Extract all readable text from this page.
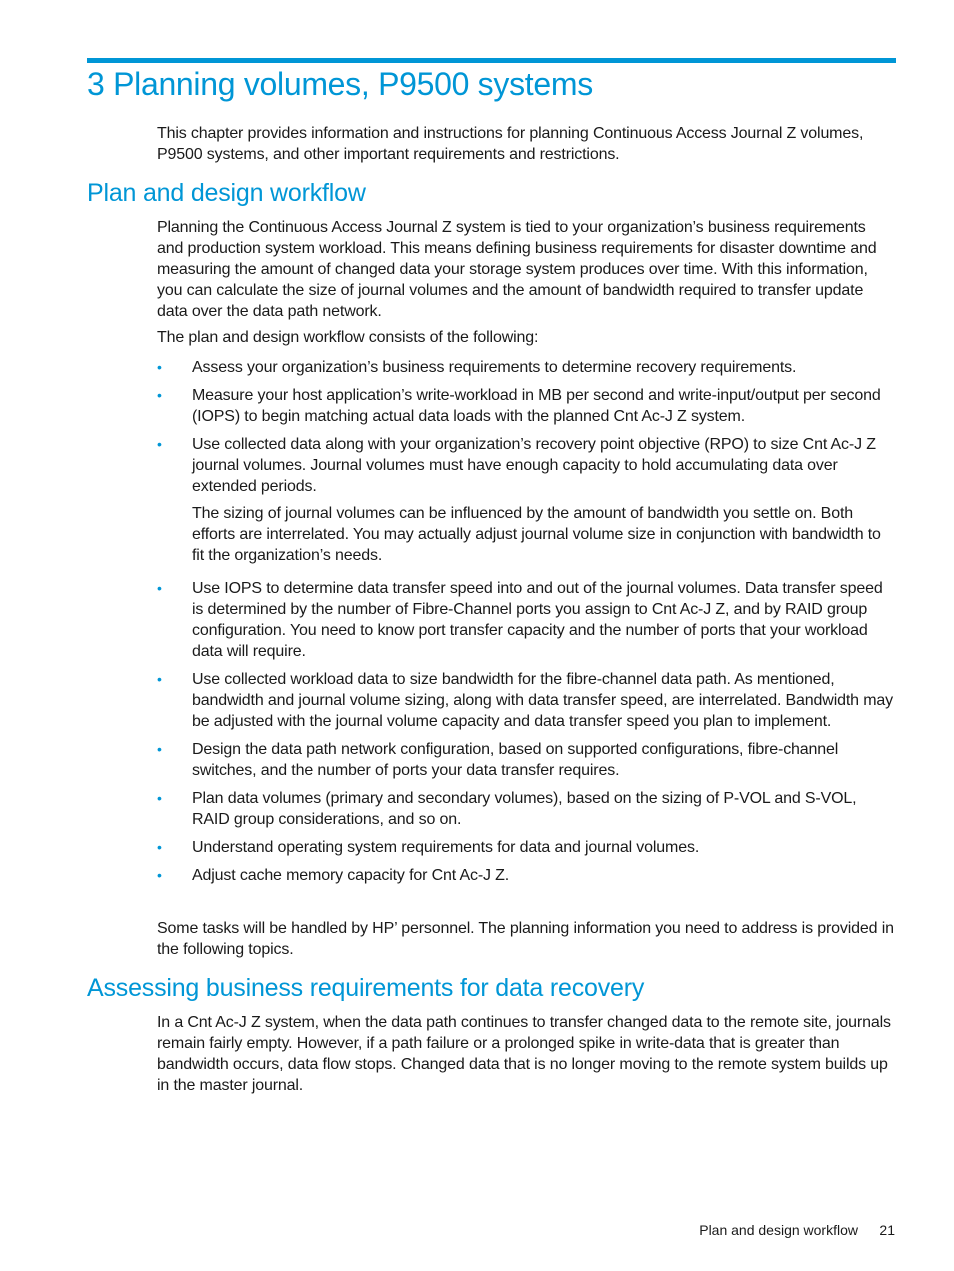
3 Planning volumes, P9500 systems

This chapter provides information and instructions for planning Continuous Access Journal Z volumes, P9500 systems, and other important requirements and restrictions.

Plan and design workflow

Planning the Continuous Access Journal Z system is tied to your organization’s business requirements and production system workload. This means defining business requirements for disaster downtime and measuring the amount of changed data your storage system produces over time. With this information, you can calculate the size of journal volumes and the amount of bandwidth required to transfer update data over the data path network.

The plan and design workflow consists of the following:

• Assess your organization’s business requirements to determine recovery requirements.
• Measure your host application’s write-workload in MB per second and write-input/output per second (IOPS) to begin matching actual data loads with the planned Cnt Ac-J Z system.
• Use collected data along with your organization’s recovery point objective (RPO) to size Cnt Ac-J Z journal volumes. Journal volumes must have enough capacity to hold accumulating data over extended periods.

The sizing of journal volumes can be influenced by the amount of bandwidth you settle on. Both efforts are interrelated. You may actually adjust journal volume size in conjunction with bandwidth to fit the organization’s needs.

• Use IOPS to determine data transfer speed into and out of the journal volumes. Data transfer speed is determined by the number of Fibre-Channel ports you assign to Cnt Ac-J Z, and by RAID group configuration. You need to know port transfer capacity and the number of ports that your workload data will require.
• Use collected workload data to size bandwidth for the fibre-channel data path. As mentioned, bandwidth and journal volume sizing, along with data transfer speed, are interrelated. Bandwidth may be adjusted with the journal volume capacity and data transfer speed you plan to implement.
• Design the data path network configuration, based on supported configurations, fibre-channel switches, and the number of ports your data transfer requires.
• Plan data volumes (primary and secondary volumes), based on the sizing of P-VOL and S-VOL, RAID group considerations, and so on.
• Understand operating system requirements for data and journal volumes.
• Adjust cache memory capacity for Cnt Ac-J Z.

Some tasks will be handled by HP’ personnel. The planning information you need to address is provided in the following topics.

Assessing business requirements for data recovery

In a Cnt Ac-J Z system, when the data path continues to transfer changed data to the remote site, journals remain fairly empty. However, if a path failure or a prolonged spike in write-data that is greater than bandwidth occurs, data flow stops. Changed data that is no longer moving to the remote system builds up in the master journal.

Plan and design workflow 21
